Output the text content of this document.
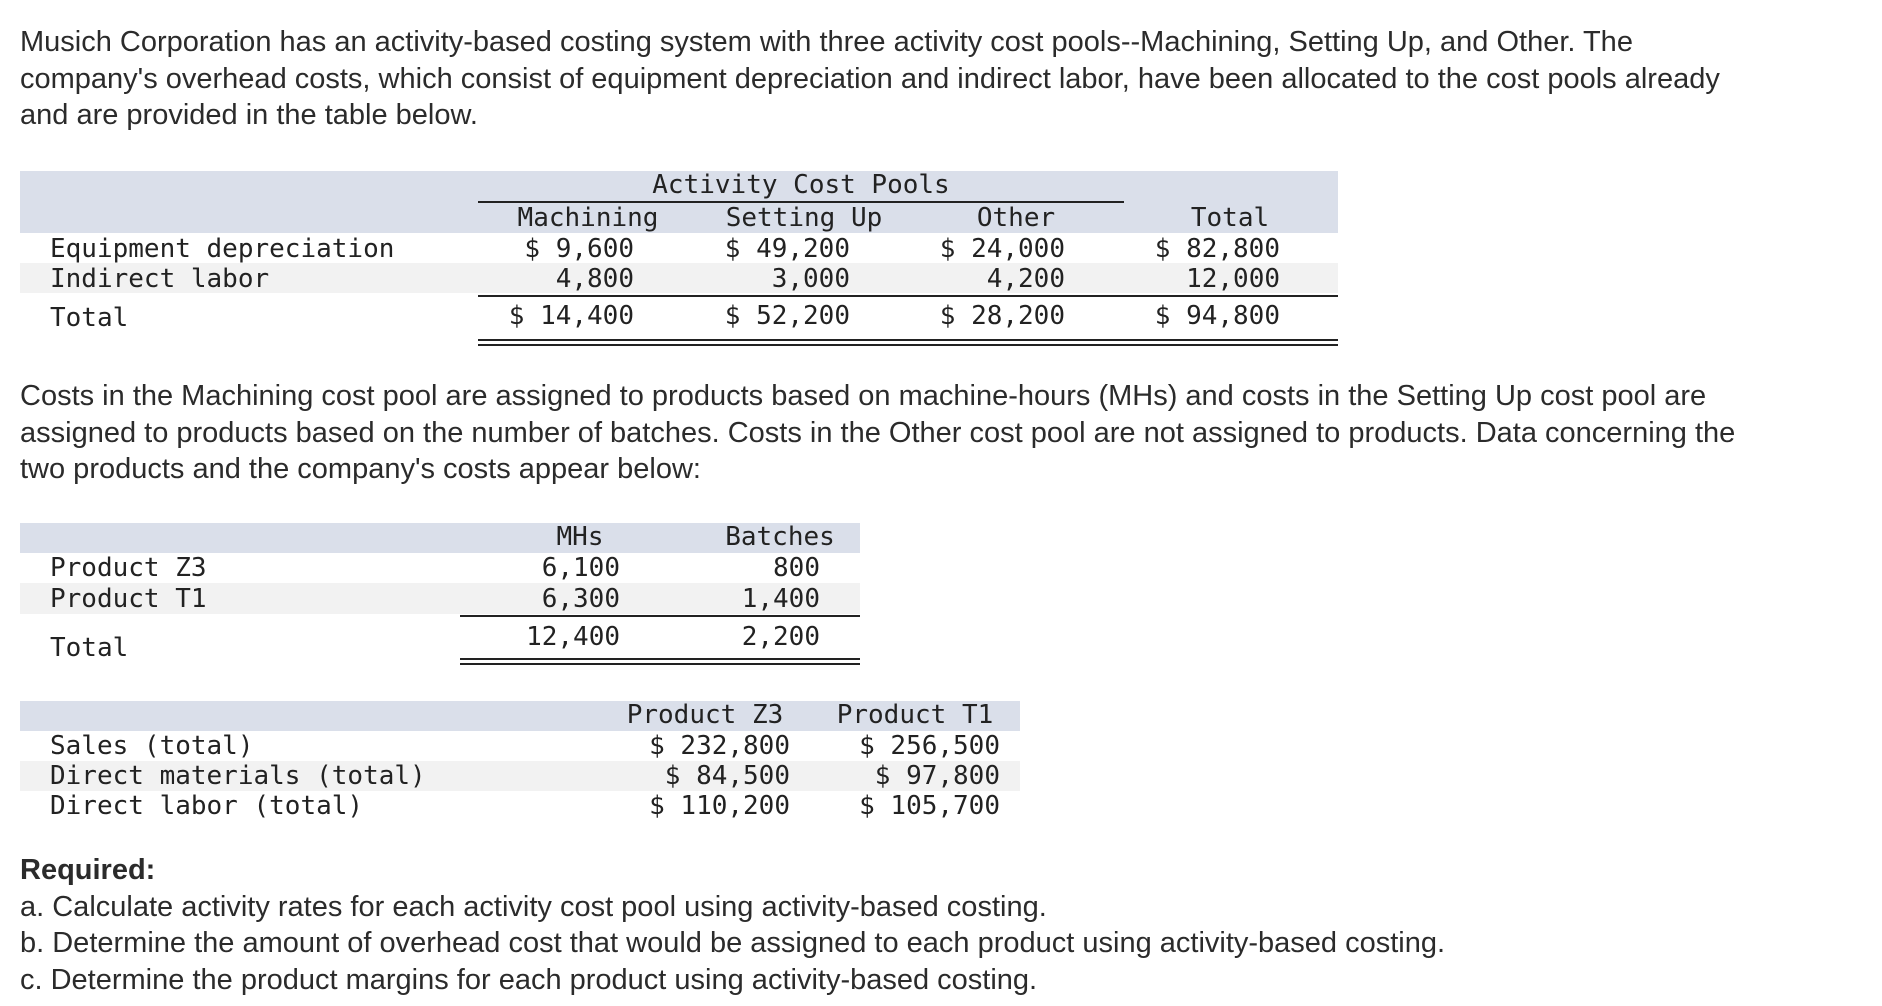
Musich Corporation has an activity-based costing system with three activity cost pools--Machining, Setting Up, and Other. The
company's overhead costs, which consist of equipment depreciation and indirect labor, have been allocated to the cost pools already
and are provided in the table below.
Activity Cost Pools
Machining	Setting Up	Other	Total
Equipment depreciation	$ 9,600	$ 49,200	$ 24,000	$ 82,800
Indirect labor	4,800	3,000	4,200	12,000
Total	$ 14,400	$ 52,200	$ 28,200	$ 94,800
Costs in the Machining cost pool are assigned to products based on machine-hours (MHs) and costs in the Setting Up cost pool are
assigned to products based on the number of batches. Costs in the Other cost pool are not assigned to products. Data concerning the
two products and the company's costs appear below:
MHs	Batches
Product Z3	6,100	800
Product T1	6,300	1,400
Total	12,400	2,200
Product Z3	Product T1
Sales (total)	$ 232,800	$ 256,500
Direct materials (total)	$ 84,500	$ 97,800
Direct labor (total)	$ 110,200	$ 105,700
Required:
a. Calculate activity rates for each activity cost pool using activity-based costing.
b. Determine the amount of overhead cost that would be assigned to each product using activity-based costing.
c. Determine the product margins for each product using activity-based costing.
